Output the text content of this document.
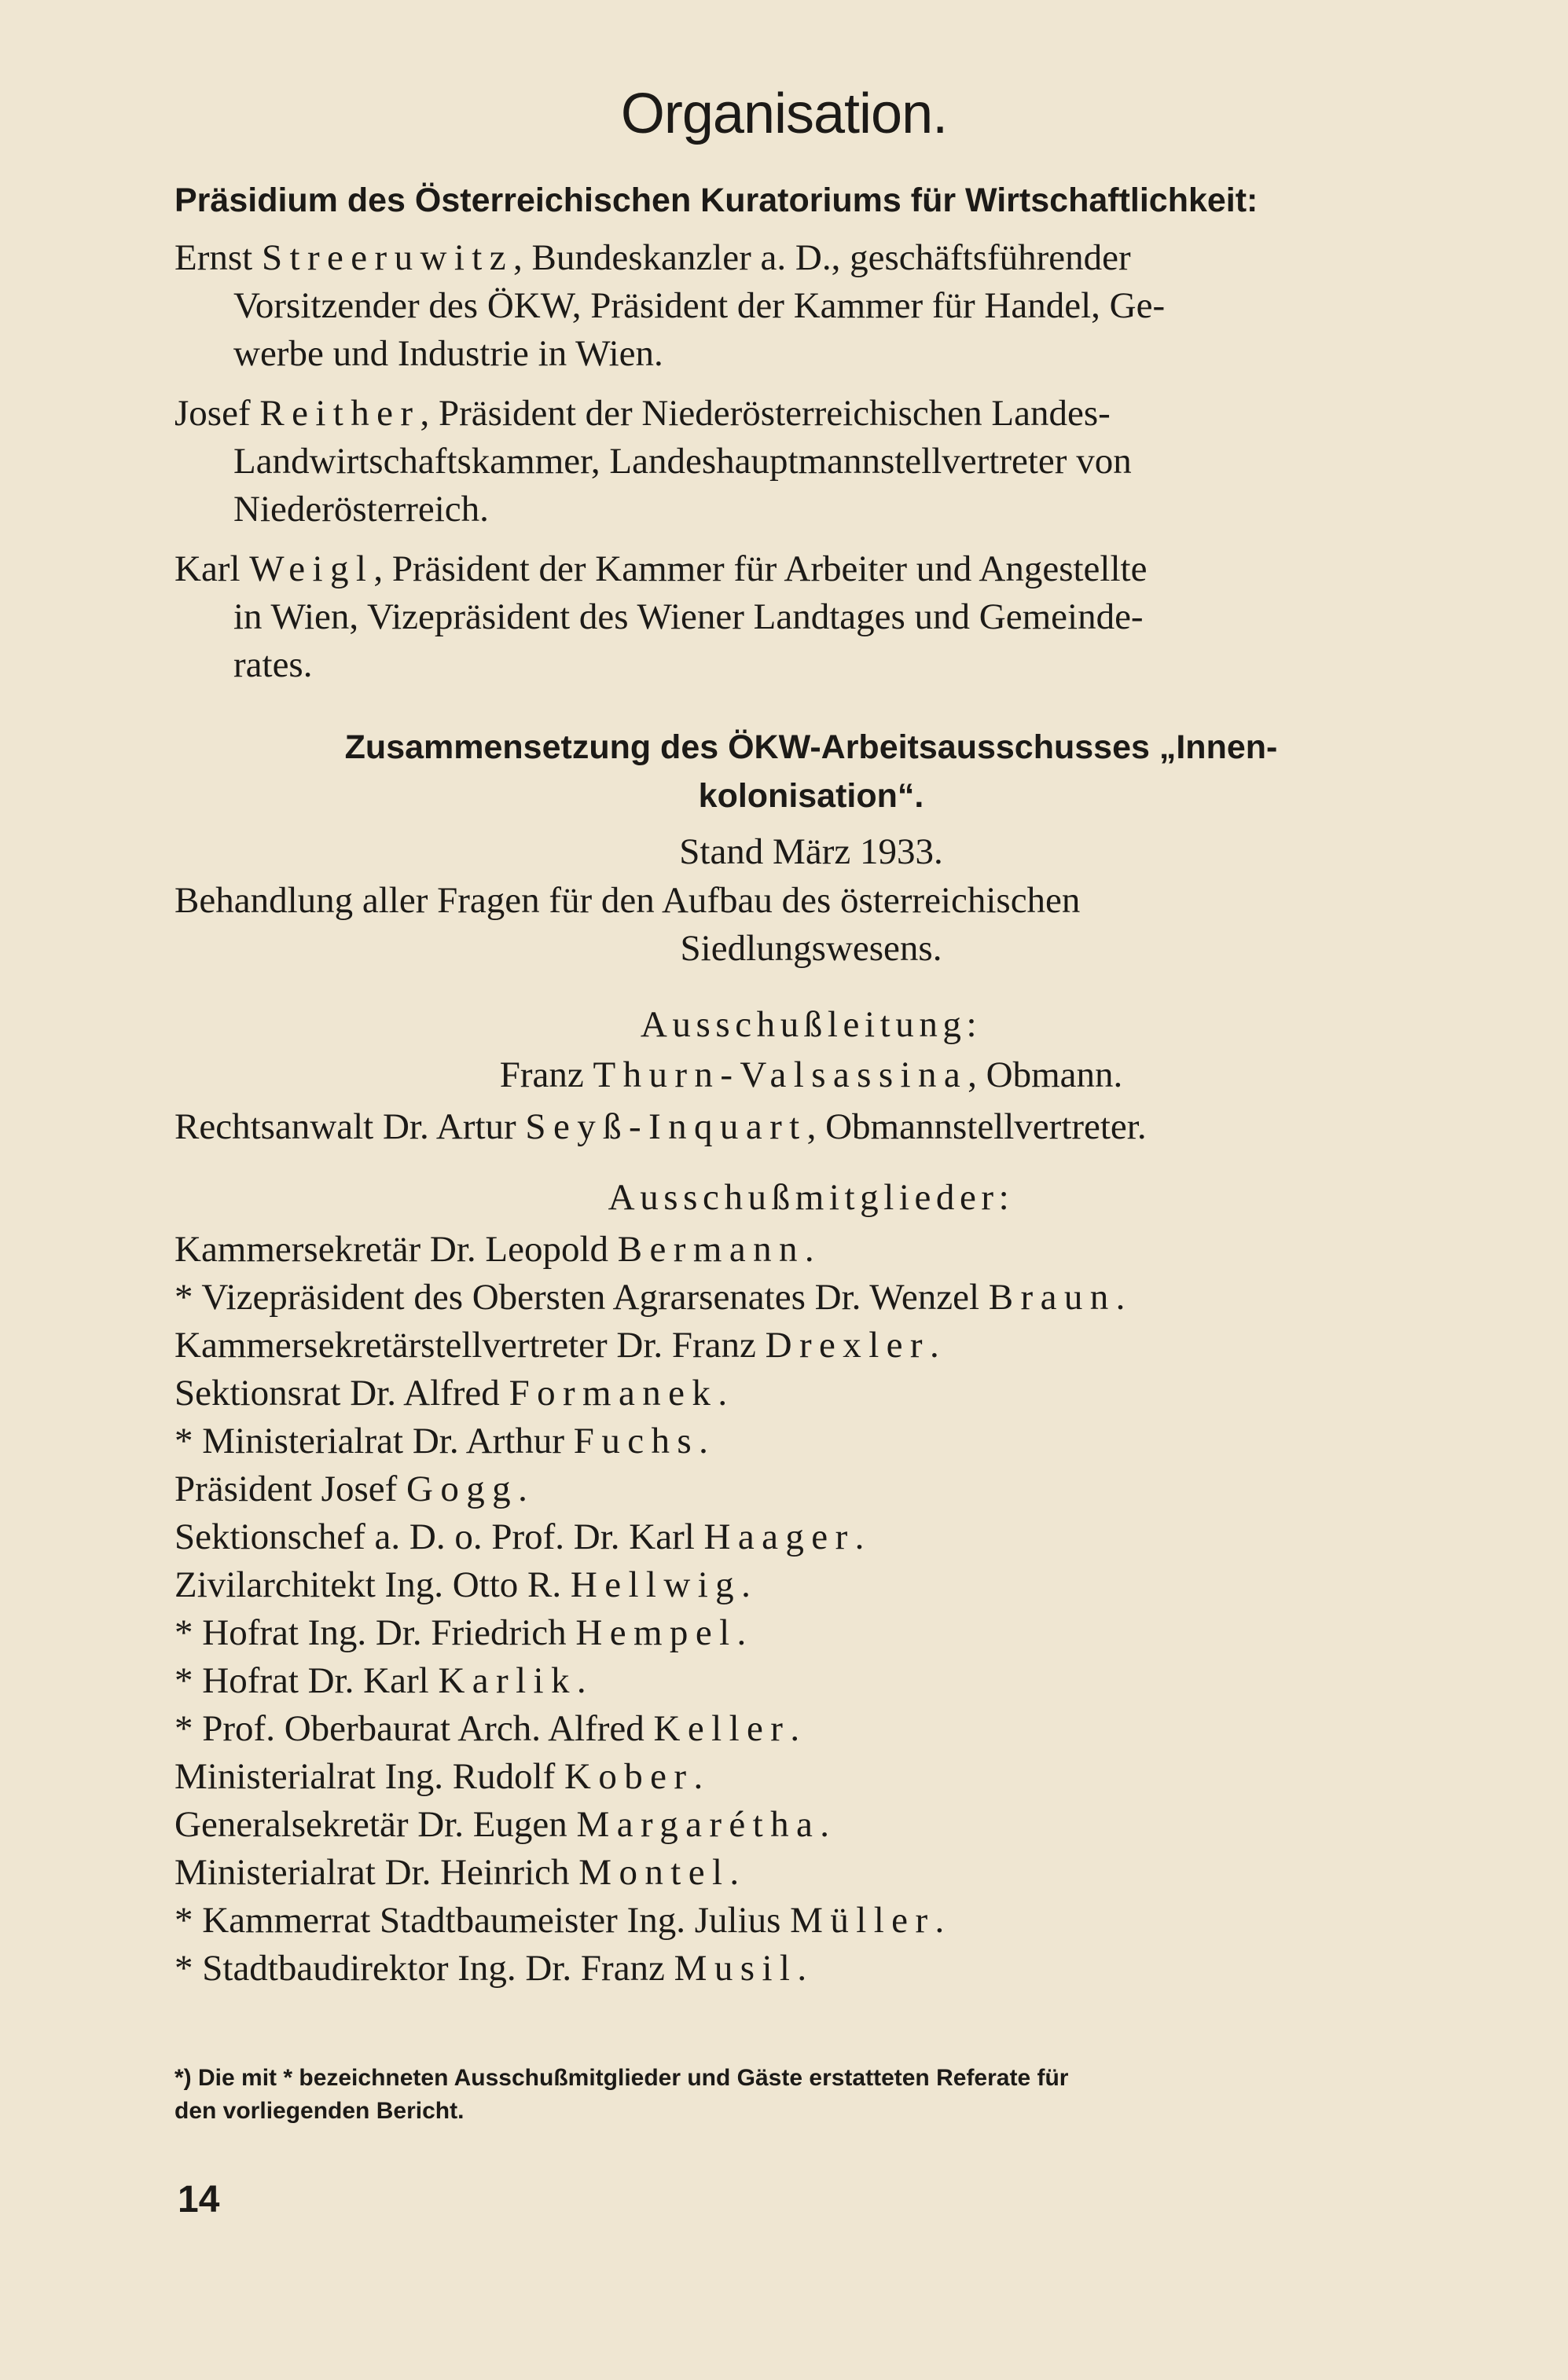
Organisation.
Präsidium des Österreichischen Kuratoriums für Wirtschaftlichkeit:
Ernst Streeruwitz, Bundeskanzler a. D., geschäftsführender
Vorsitzender des ÖKW, Präsident der Kammer für Handel, Ge-
werbe und Industrie in Wien.
Josef Reither, Präsident der Niederösterreichischen Landes-
Landwirtschaftskammer, Landeshauptmannstellvertreter von
Niederösterreich.
Karl Weigl, Präsident der Kammer für Arbeiter und Angestellte
in Wien, Vizepräsident des Wiener Landtages und Gemeinde-
rates.
Zusammensetzung des ÖKW-Arbeitsausschusses „Innen-
kolonisation“.
Stand März 1933.
Behandlung aller Fragen für den Aufbau des österreichischen
Siedlungswesens.
Ausschußleitung:
Franz Thurn-Valsassina, Obmann.
Rechtsanwalt Dr. Artur Seyß-Inquart, Obmannstellvertreter.
Ausschußmitglieder:
Kammersekretär Dr. Leopold Bermann.
* Vizepräsident des Obersten Agrarsenates Dr. Wenzel Braun.
Kammersekretärstellvertreter Dr. Franz Drexler.
Sektionsrat Dr. Alfred Formanek.
* Ministerialrat Dr. Arthur Fuchs.
Präsident Josef Gogg.
Sektionschef a. D. o. Prof. Dr. Karl Haager.
Zivilarchitekt Ing. Otto R. Hellwig.
* Hofrat Ing. Dr. Friedrich Hempel.
* Hofrat Dr. Karl Karlik.
* Prof. Oberbaurat Arch. Alfred Keller.
Ministerialrat Ing. Rudolf Kober.
Generalsekretär Dr. Eugen Margarétha.
Ministerialrat Dr. Heinrich Montel.
* Kammerrat Stadtbaumeister Ing. Julius Müller.
* Stadtbaudirektor Ing. Dr. Franz Musil.
*) Die mit * bezeichneten Ausschußmitglieder und Gäste erstatteten Referate für
den vorliegenden Bericht.
14
